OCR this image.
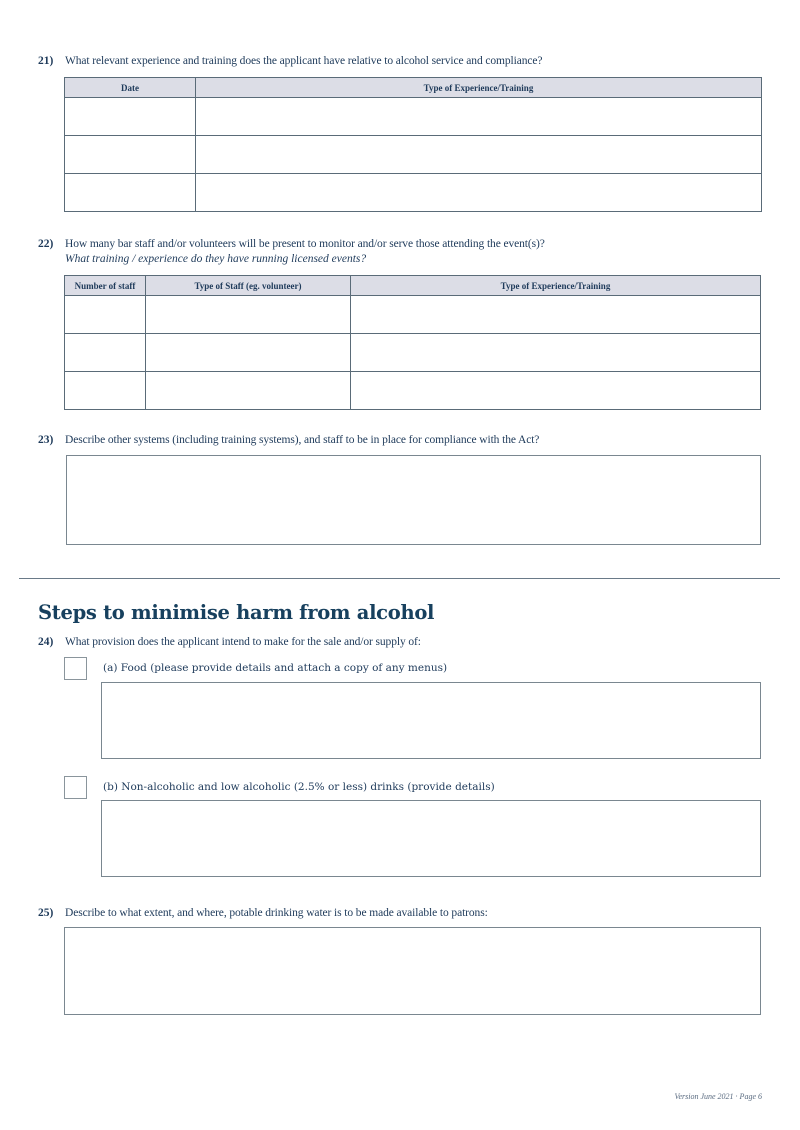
21) What relevant experience and training does the applicant have relative to alcohol service and compliance?
Date	Type of Experience/Training

22) How many bar staff and/or volunteers will be present to monitor and/or serve those attending the event(s)?
What training / experience do they have running licensed events?
Number of staff	Type of Staff (eg. volunteer)	Type of Experience/Training

23) Describe other systems (including training systems), and staff to be in place for compliance with the Act?
Steps to minimise harm from alcohol
24) What provision does the applicant intend to make for the sale and/or supply of:
(a) Food (please provide details and attach a copy of any menus)
(b) Non-alcoholic and low alcoholic (2.5% or less) drinks (provide details)
25) Describe to what extent, and where, potable drinking water is to be made available to patrons:
Version June 2021 · Page 6
